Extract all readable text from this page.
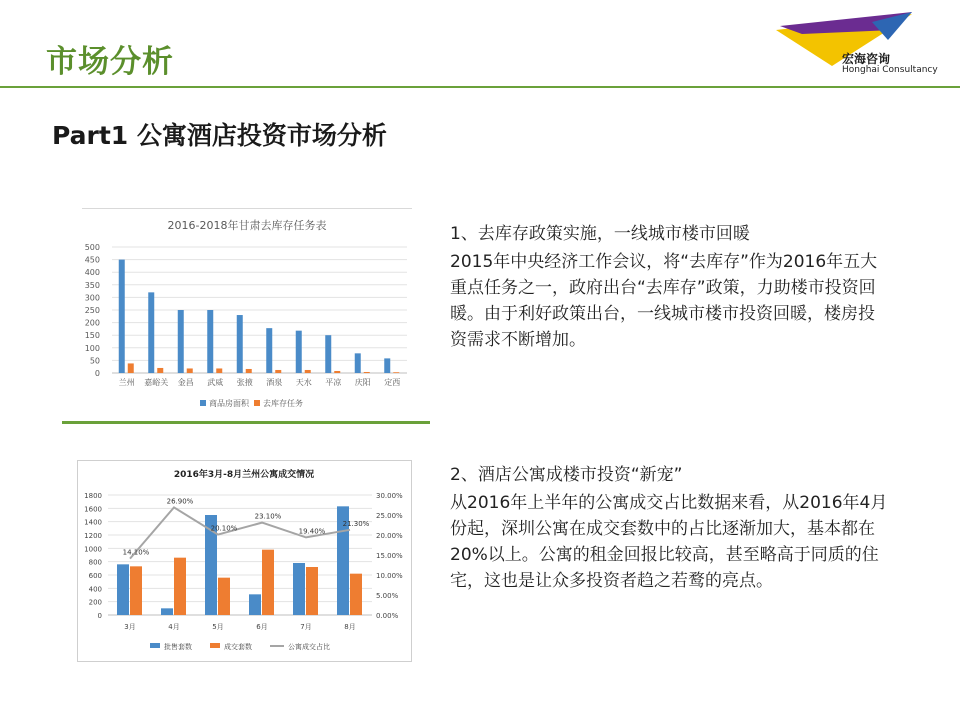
市场分析	宏海咨询
Honghai Consultancy
Part1 公寓酒店投资市场分析
2016-2018年甘肃去库存任务表
0
50
100
150
200
250
300
350
400
450
500
兰州 嘉峪关 金昌 武威 张掖 酒泉 天水 平凉 庆阳 定西
商品房面积 去库存任务
2016年3月-8月兰州公寓成交情况
0
200
400
600
800
1000
1200
1400
1600
1800
0.00%
5.00%
10.00%
15.00%
20.00%
25.00%
30.00%
3月	4月	5月	6月	7月	8月
14.10%
26.90%
20.10%
23.10%
19.40%
21.30%
批售套数	成交套数	公寓成交占比
1、去库存政策实施，一线城市楼市回暖
2015年中央经济工作会议，将“去库存”作为2016年五大重点任务之一，政府出台“去库存”政策，力助楼市投资回暖。由于利好政策出台，一线城市楼市投资回暖，楼房投资需求不断增加。
2、酒店公寓成楼市投资“新宠”
从2016年上半年的公寓成交占比数据来看，从2016年4月份起，深圳公寓在成交套数中的占比逐渐加大，基本都在20%以上。公寓的租金回报比较高，甚至略高于同质的住宅，这也是让众多投资者趋之若鹜的亮点。
